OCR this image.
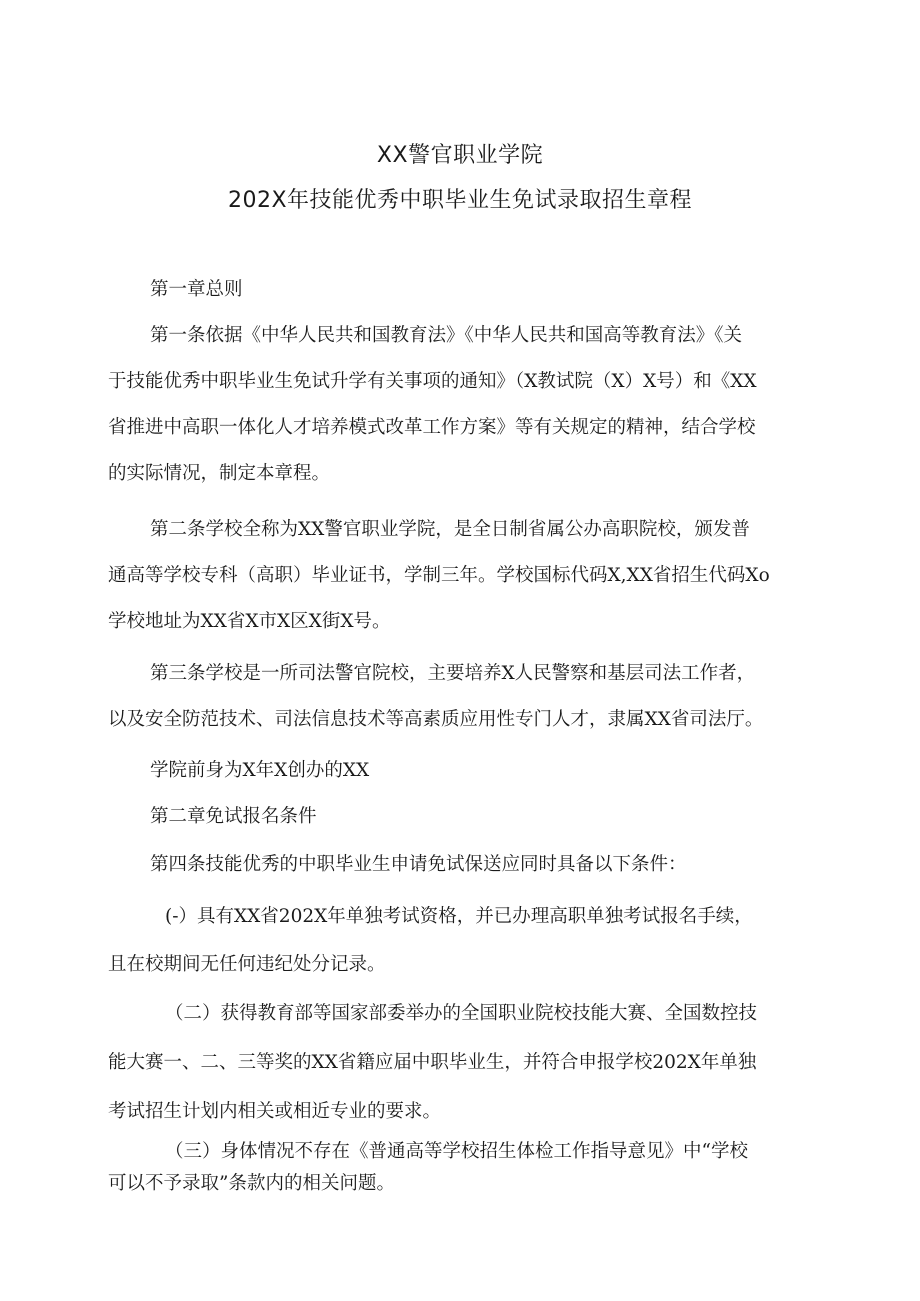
XX警官职业学院
202X年技能优秀中职毕业生免试录取招生章程
第一章总则
第一条依据《中华人民共和国教育法》《中华人民共和国高等教育法》《关
于技能优秀中职毕业生免试升学有关事项的通知》（X教试院（X）X号）和《XX
省推进中高职一体化人才培养模式改革工作方案》等有关规定的精神，结合学校
的实际情况，制定本章程。
第二条学校全称为XX警官职业学院，是全日制省属公办高职院校，颁发普
通高等学校专科（高职）毕业证书，学制三年。学校国标代码X,XX省招生代码Xo
学校地址为XX省X市X区X街X号。
第三条学校是一所司法警官院校，主要培养X人民警察和基层司法工作者，
以及安全防范技术、司法信息技术等高素质应用性专门人才，隶属XX省司法厅。
学院前身为X年X创办的XX
第二章免试报名条件
第四条技能优秀的中职毕业生申请免试保送应同时具备以下条件：
(-）具有XX省202X年单独考试资格，并已办理高职单独考试报名手续，
且在校期间无任何违纪处分记录。
（二）获得教育部等国家部委举办的全国职业院校技能大赛、全国数控技
能大赛一、二、三等奖的XX省籍应届中职毕业生，并符合申报学校202X年单独
考试招生计划内相关或相近专业的要求。
（三）身体情况不存在《普通高等学校招生体检工作指导意见》中“学校
可以不予录取”条款内的相关问题。
